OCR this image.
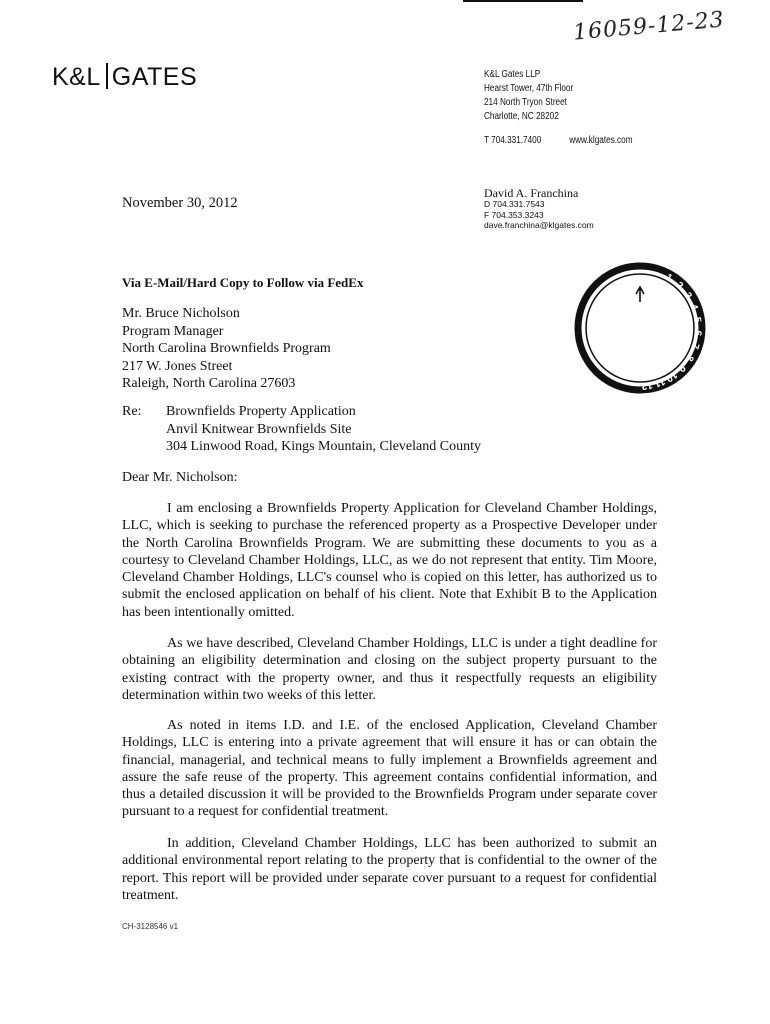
16059-12-23
K&L GATES	K&L Gates LLP
Hearst Tower, 47th Floor
214 North Tryon Street
Charlotte, NC 28202
T 704.331.7400	www.klgates.com
November 30, 2012
David A. Franchina
D 704.331.7543
F 704.353.3243
dave.franchina@klgates.com
Via E-Mail/Hard Copy to Follow via FedEx
Mr. Bruce Nicholson
Program Manager
North Carolina Brownfields Program
217 W. Jones Street
Raleigh, North Carolina 27603
Re: Brownfields Property Application
Anvil Knitwear Brownfields Site
304 Linwood Road, Kings Mountain, Cleveland County
Dear Mr. Nicholson:
I am enclosing a Brownfields Property Application for Cleveland Chamber Holdings, LLC, which is seeking to purchase the referenced property as a Prospective Developer under the North Carolina Brownfields Program. We are submitting these documents to you as a courtesy to Cleveland Chamber Holdings, LLC, as we do not represent that entity. Tim Moore, Cleveland Chamber Holdings, LLC's counsel who is copied on this letter, has authorized us to submit the enclosed application on behalf of his client. Note that Exhibit B to the Application has been intentionally omitted.
As we have described, Cleveland Chamber Holdings, LLC is under a tight deadline for obtaining an eligibility determination and closing on the subject property pursuant to the existing contract with the property owner, and thus it respectfully requests an eligibility determination within two weeks of this letter.
As noted in items I.D. and I.E. of the enclosed Application, Cleveland Chamber Holdings, LLC is entering into a private agreement that will ensure it has or can obtain the financial, managerial, and technical means to fully implement a Brownfields agreement and assure the safe reuse of the property. This agreement contains confidential information, and thus a detailed discussion it will be provided to the Brownfields Program under separate cover pursuant to a request for confidential treatment.
In addition, Cleveland Chamber Holdings, LLC has been authorized to submit an additional environmental report relating to the property that is confidential to the owner of the report. This report will be provided under separate cover pursuant to a request for confidential treatment.
CH-3128546 v1
1
2
3
4
5
6
7
8
9
10
11
12
